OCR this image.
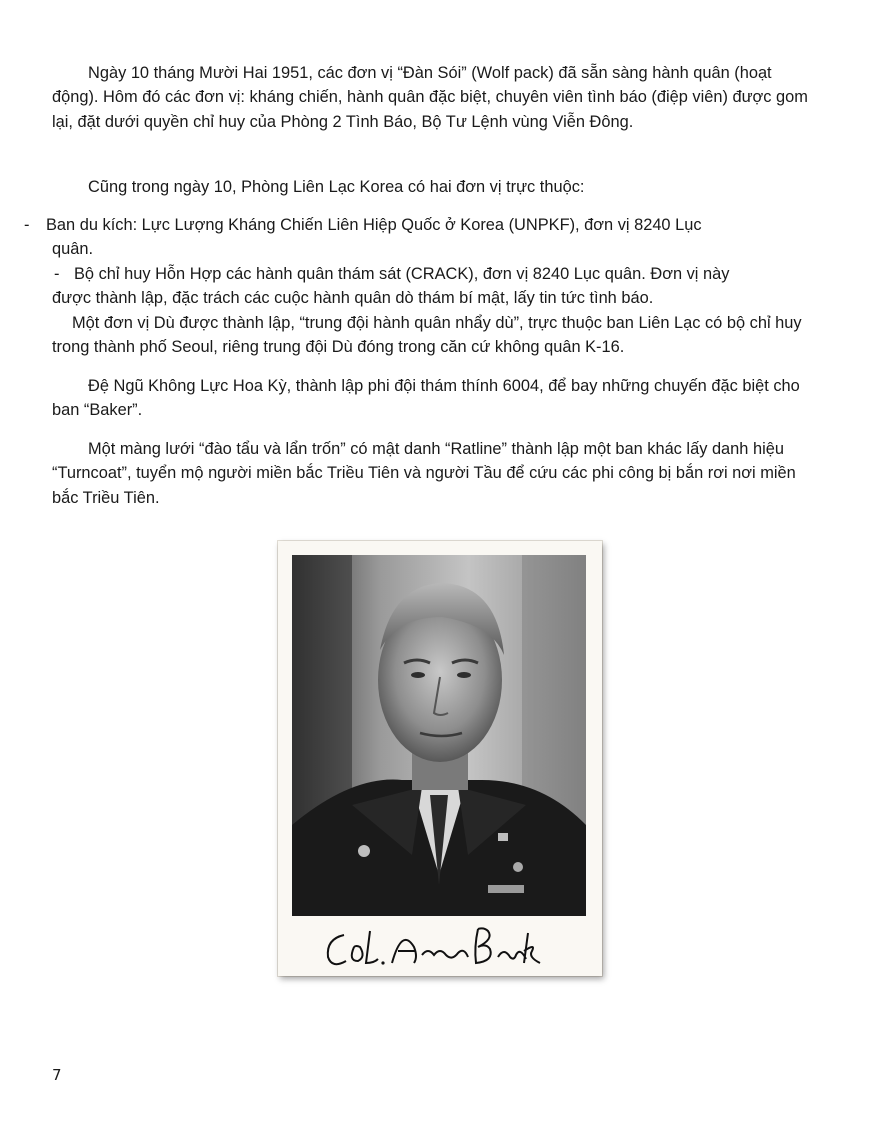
Ngày 10 tháng Mười Hai 1951, các đơn vị “Đàn Sói” (Wolf pack) đã sẵn sàng hành quân (hoạt động). Hôm đó các đơn vị: kháng chiến, hành quân đặc biệt, chuyên viên tình báo (điệp viên) được gom lại, đặt dưới quyền chỉ huy của Phòng 2 Tình Báo, Bộ Tư Lệnh vùng Viễn Đông.

Cũng trong ngày 10, Phòng Liên Lạc Korea có hai đơn vị trực thuộc:

- Ban du kích: Lực Lượng Kháng Chiến Liên Hiệp Quốc ở Korea (UNPKF), đơn vị 8240 Lục
quân.
- Bộ chỉ huy Hỗn Hợp các hành quân thám sát (CRACK), đơn vị 8240 Lục quân. Đơn vị này
được thành lập, đặc trách các cuộc hành quân dò thám bí mật, lấy tin tức tình báo.

Một đơn vị Dù được thành lập, “trung đội hành quân nhẩy dù”, trực thuộc ban Liên Lạc có bộ chỉ huy trong thành phố Seoul, riêng trung đội Dù đóng trong căn cứ không quân K-16.

Đệ Ngũ Không Lực Hoa Kỳ, thành lập phi đội thám thính 6004, để bay những chuyến đặc biệt cho ban “Baker”.

Một màng lưới “đào tẩu và lẩn trốn” có mật danh “Ratline” thành lập một ban khác lấy danh hiệu “Turncoat”, tuyển mộ người miền bắc Triều Tiên và người Tầu để cứu các phi công bị bắn rơi nơi miền bắc Triều Tiên.

7
